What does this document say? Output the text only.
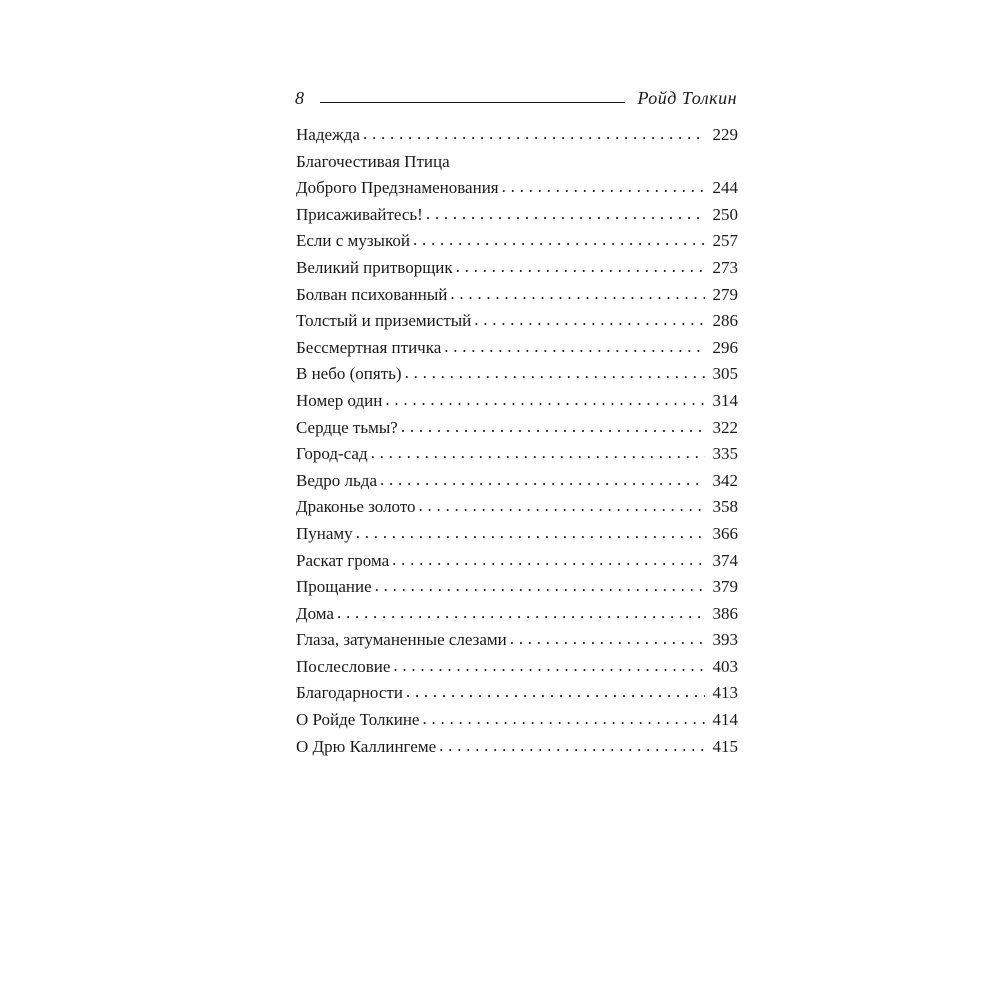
8	Ройд Толкин
Надежда . . .	229
Благочестивая Птица
Доброго Предзнаменования . . .	244
Присаживайтесь! . . .	250
Если с музыкой . . .	257
Великий притворщик . . .	273
Болван психованный . . .	279
Толстый и приземистый . . .	286
Бессмертная птичка . . .	296
В небо (опять) . . .	305
Номер один . . .	314
Сердце тьмы? . . .	322
Город-сад . . .	335
Ведро льда . . .	342
Драконье золото . . .	358
Пунаму . . .	366
Раскат грома . . .	374
Прощание . . .	379
Дома . . .	386
Глаза, затуманенные слезами . . .	393
Послесловие . . .	403
Благодарности . . .	413
О Ройде Толкине . . .	414
О Дрю Каллингеме . . .	415
